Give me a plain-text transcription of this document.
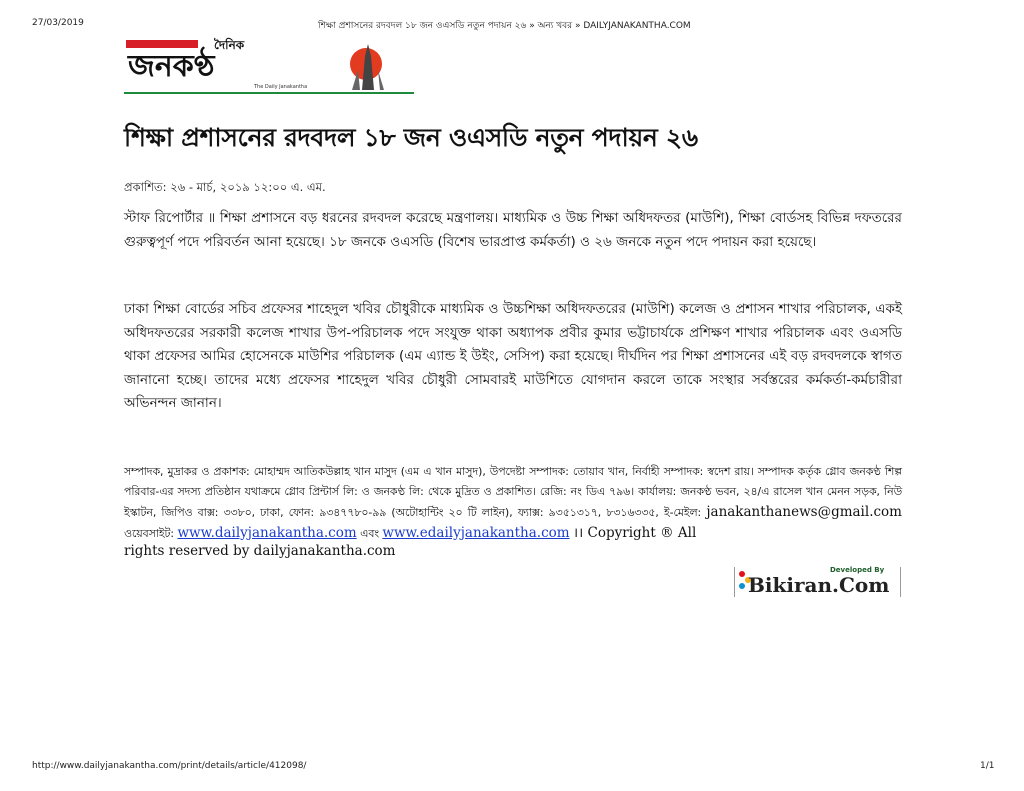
27/03/2019	শিক্ষা প্রশাসনের রদবদল ১৮ জন ওএসডি নতুন পদায়ন ২৬ » অন্য খবর » DAILYJANAKANTHA.COM
দৈনিক
জনকণ্ঠ
The Daily Janakantha
শিক্ষা প্রশাসনের রদবদল ১৮ জন ওএসডি নতুন পদায়ন ২৬
প্রকাশিত: ২৬ - মার্চ, ২০১৯ ১২:০০ এ. এম.

স্টাফ রিপোর্টার ॥ শিক্ষা প্রশাসনে বড় ধরনের রদবদল করেছে মন্ত্রণালয়। মাধ্যমিক ও উচ্চ শিক্ষা অধিদফতর (মাউশি), শিক্ষা বোর্ডসহ বিভিন্ন দফতরের গুরুত্বপূর্ণ পদে পরিবর্তন আনা হয়েছে। ১৮ জনকে ওএসডি (বিশেষ ভারপ্রাপ্ত কর্মকর্তা) ও ২৬ জনকে নতুন পদে পদায়ন করা হয়েছে।

ঢাকা শিক্ষা বোর্ডের সচিব প্রফেসর শাহেদুল খবির চৌধুরীকে মাধ্যমিক ও উচ্চশিক্ষা অধিদফতরের (মাউশি) কলেজ ও প্রশাসন শাখার পরিচালক, একই অধিদফতরের সরকারী কলেজ শাখার উপ-পরিচালক পদে সংযুক্ত থাকা অধ্যাপক প্রবীর কুমার ভট্টাচার্যকে প্রশিক্ষণ শাখার পরিচালক এবং ওএসডি থাকা প্রফেসর আমির হোসেনকে মাউশির পরিচালক (এম এ্যান্ড ই উইং, সেসিপ) করা হয়েছে। দীর্ঘদিন পর শিক্ষা প্রশাসনের এই বড় রদবদলকে স্বাগত জানানো হচ্ছে। তাদের মধ্যে প্রফেসর শাহেদুল খবির চৌধুরী সোমবারই মাউশিতে যোগদান করলে তাকে সংস্থার সর্বস্তরের কর্মকর্তা-কর্মচারীরা অভিনন্দন জানান।

সম্পাদক, মুদ্রাকর ও প্রকাশক: মোহাম্মদ আতিকউল্লাহ খান মাসুদ (এম এ খান মাসুদ), উপদেষ্টা সম্পাদক: তোয়াব খান, নির্বাহী সম্পাদক: স্বদেশ রায়। সম্পাদক কর্তৃক গ্লোব জনকণ্ঠ শিল্প পরিবার-এর সদস্য প্রতিষ্ঠান যথাক্রমে গ্লোব প্রিন্টার্স লি: ও জনকণ্ঠ লি: থেকে মুদ্রিত ও প্রকাশিত। রেজি: নং ডিএ ৭৯৬। কার্যালয়: জনকণ্ঠ ভবন, ২৪/এ রাসেল খান মেনন সড়ক, নিউ ইস্কাটন, জিপিও বাক্স: ৩৩৮০, ঢাকা, ফোন: ৯৩৪৭৭৮০-৯৯ (অটোহান্টিং ২০ টি লাইন), ফ্যাক্স: ৯৩৫১৩১৭, ৮৩১৬৩৩৫, ই-মেইল: janakanthanews@gmail.com ওয়েবসাইট: www.dailyjanakantha.com এবং www.edailyjanakantha.com ।। Copyright ® All

rights reserved by dailyjanakantha.com
Developed By
Bikiran.Com
http://www.dailyjanakantha.com/print/details/article/412098/	1/1
